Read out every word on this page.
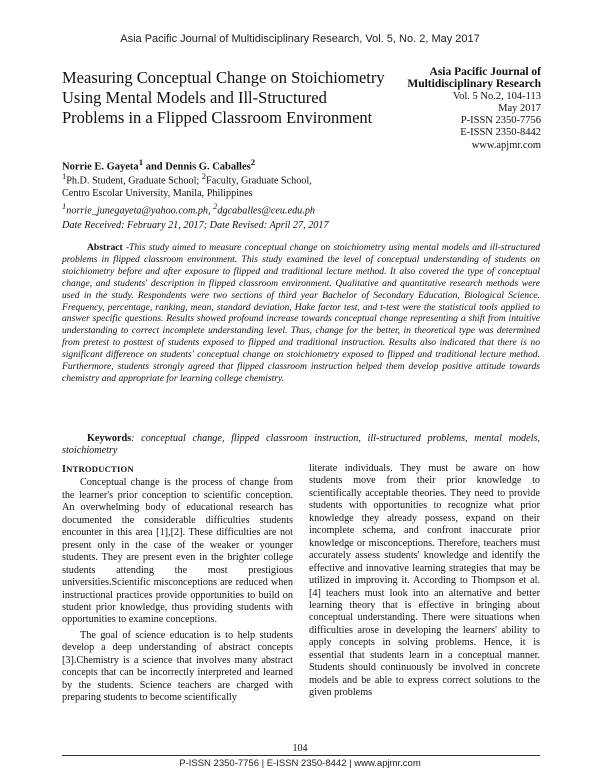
Asia Pacific Journal of Multidisciplinary Research, Vol. 5, No. 2, May 2017
Measuring Conceptual Change on Stoichiometry Using Mental Models and Ill-Structured Problems in a Flipped Classroom Environment
Asia Pacific Journal of Multidisciplinary Research
Vol. 5 No.2, 104-113
May 2017
P-ISSN 2350-7756
E-ISSN 2350-8442
www.apjmr.com
Norrie E. Gayeta$^1$ and Dennis G. Caballes$^2$
$^1$Ph.D. Student, Graduate School; $^2$Faculty, Graduate School,
Centro Escolar University, Manila, Philippines
$^1$norrie_junegayeta@yahoo.com.ph, $^2$dgcaballes@ceu.edu.ph
Date Received: February 21, 2017; Date Revised: April 27, 2017
Abstract -This study aimed to measure conceptual change on stoichiometry using mental models and ill-structured problems in flipped classroom environment. This study examined the level of conceptual understanding of students on stoichiometry before and after exposure to flipped and traditional lecture method. It also covered the type of conceptual change, and students' description in flipped classroom environment. Qualitative and quantitative research methods were used in the study. Respondents were two sections of third year Bachelor of Secondary Education, Biological Science. Frequency, percentage, ranking, mean, standard deviation, Hake factor test, and t-test were the statistical tools applied to answer specific questions. Results showed profound increase towards conceptual change representing a shift from intuitive understanding to correct incomplete understanding level. Thus, change for the better, in theoretical type was determined from pretest to posttest of students exposed to flipped and traditional instruction. Results also indicated that there is no significant difference on students' conceptual change on stoichiometry exposed to flipped and traditional lecture method. Furthermore, students strongly agreed that flipped classroom instruction helped them develop positive attitude towards chemistry and appropriate for learning college chemistry.
Keywords: conceptual change, flipped classroom instruction, ill-structured problems, mental models, stoichiometry
INTRODUCTION

Conceptual change is the process of change from the learner's prior conception to scientific conception. An overwhelming body of educational research has documented the considerable difficulties students encounter in this area [1],[2]. These difficulties are not present only in the case of the weaker or younger students. They are present even in the brighter college students attending the most prestigious universities.Scientific misconceptions are reduced when instructional practices provide opportunities to build on student prior knowledge, thus providing students with opportunities to examine conceptions.

The goal of science education is to help students develop a deep understanding of abstract concepts [3].Chemistry is a science that involves many abstract concepts that can be incorrectly interpreted and learned by the students. Science teachers are charged with preparing students to become scientifically

literate individuals. They must be aware on how students move from their prior knowledge to scientifically acceptable theories. They need to provide students with opportunities to recognize what prior knowledge they already possess, expand on their incomplete schema, and confront inaccurate prior knowledge or misconceptions. Therefore, teachers must accurately assess students' knowledge and identify the effective and innovative learning strategies that may be utilized in improving it. According to Thompson et al. [4] teachers must look into an alternative and better learning theory that is effective in bringing about conceptual understanding. There were situations when difficulties arose in developing the learners' ability to apply concepts in solving problems. Hence, it is essential that students learn in a conceptual manner. Students should continuously be involved in concrete models and be able to express correct solutions to the given problems

104
P-ISSN 2350-7756 | E-ISSN 2350-8442 | www.apjmr.com
